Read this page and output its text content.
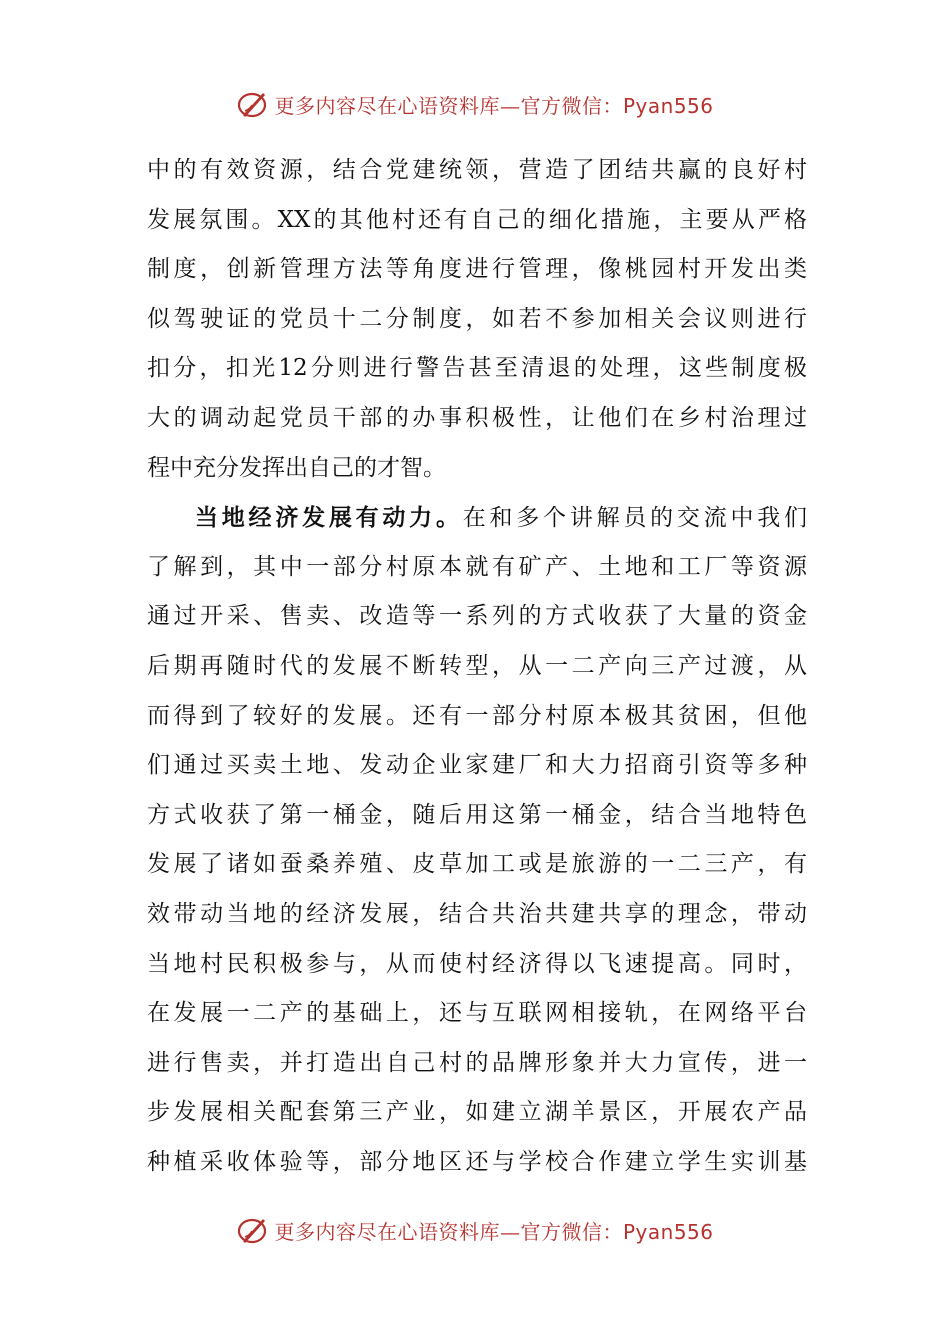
更多内容尽在心语资料库—官方微信：Pyan556
中的有效资源，结合党建统领，营造了团结共赢的良好村
发展氛围。XX的其他村还有自己的细化措施，主要从严格
制度，创新管理方法等角度进行管理，像桃园村开发出类
似驾驶证的党员十二分制度，如若不参加相关会议则进行
扣分，扣光12分则进行警告甚至清退的处理，这些制度极
大的调动起党员干部的办事积极性，让他们在乡村治理过
程中充分发挥出自己的才智。
当地经济发展有动力。在和多个讲解员的交流中我们
了解到，其中一部分村原本就有矿产、土地和工厂等资源
通过开采、售卖、改造等一系列的方式收获了大量的资金
后期再随时代的发展不断转型，从一二产向三产过渡，从
而得到了较好的发展。还有一部分村原本极其贫困，但他
们通过买卖土地、发动企业家建厂和大力招商引资等多种
方式收获了第一桶金，随后用这第一桶金，结合当地特色
发展了诸如蚕桑养殖、皮草加工或是旅游的一二三产，有
效带动当地的经济发展，结合共治共建共享的理念，带动
当地村民积极参与，从而使村经济得以飞速提高。同时，
在发展一二产的基础上，还与互联网相接轨，在网络平台
进行售卖，并打造出自己村的品牌形象并大力宣传，进一
步发展相关配套第三产业，如建立湖羊景区，开展农产品
种植采收体验等，部分地区还与学校合作建立学生实训基
更多内容尽在心语资料库—官方微信：Pyan556
